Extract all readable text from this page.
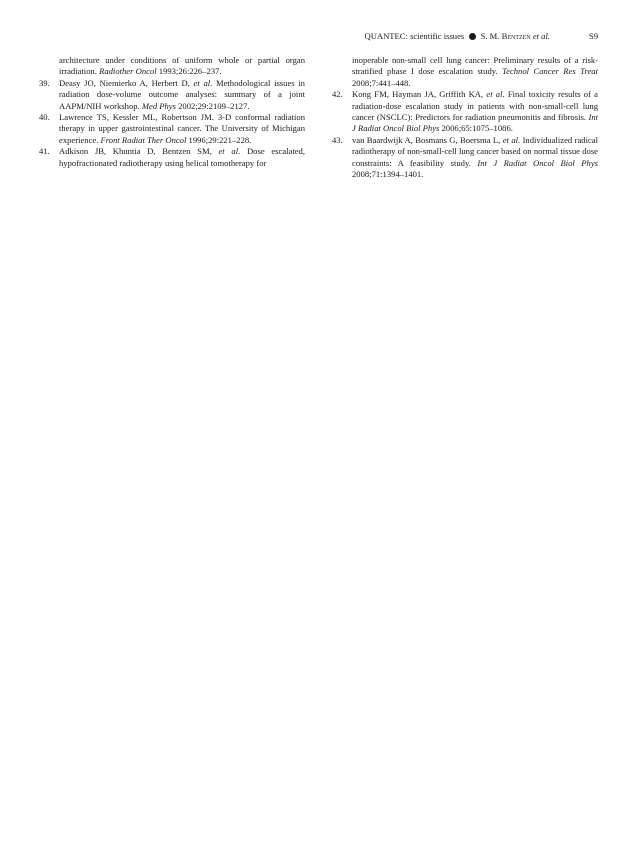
QUANTEC: scientific issues S. M. Bentzen et al.	S9
architecture under conditions of uniform whole or partial organ irradiation. Radiother Oncol 1993;26:226–237.
39. Deasy JO, Niemierko A, Herbert D, et al. Methodological issues in radiation dose-volume outcome analyses: summary of a joint AAPM/NIH workshop. Med Phys 2002;29:2109–2127.
40. Lawrence TS, Kessler ML, Robertson JM. 3-D conformal radiation therapy in upper gastrointestinal cancer. The University of Michigan experience. Front Radiat Ther Oncol 1996;29:221–228.
41. Adkison JB, Khuntia D, Bentzen SM, et al. Dose escalated, hypofractionated radiotherapy using helical tomotherapy for
inoperable non-small cell lung cancer: Preliminary results of a risk-stratified phase I dose escalation study. Technol Cancer Res Treat 2008;7:441–448.
42. Kong FM, Hayman JA, Griffith KA, et al. Final toxicity results of a radiation-dose escalation study in patients with non-small-cell lung cancer (NSCLC): Predictors for radiation pneumonitis and fibrosis. Int J Radiat Oncol Biol Phys 2006;65:1075–1086.
43. van Baardwijk A, Bosmans G, Boersma L, et al. Individualized radical radiotherapy of non-small-cell lung cancer based on normal tissue dose constraints: A feasibility study. Int J Radiat Oncol Biol Phys 2008;71:1394–1401.
